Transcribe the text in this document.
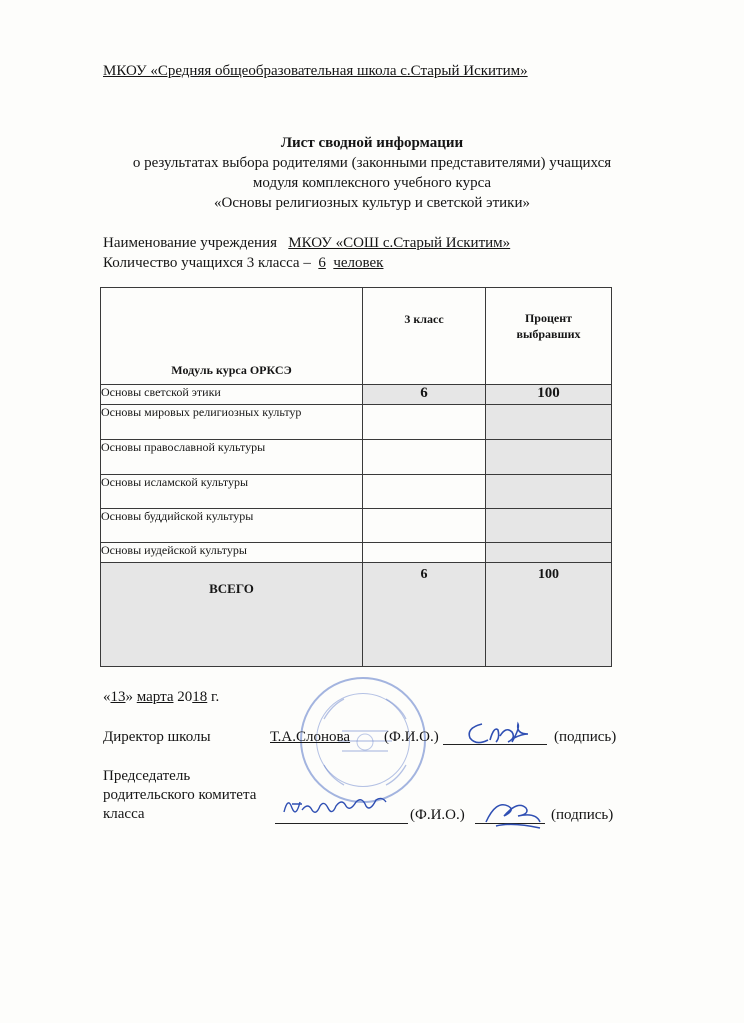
МКОУ «Средняя общеобразовательная школа с.Старый Искитим»
Лист сводной информации
о результатах выбора родителями (законными представителями) учащихся
модуля комплексного учебного курса
«Основы религиозных культур и светской этики»
Наименование учреждения МКОУ «СОШ с.Старый Искитим»
Количество учащихся 3 класса – 6 человек
Модуль курса ОРКСЭ	3 класс	Процент
выбравших

Основы светской этики	6	100
Основы мировых религиозных культур		
Основы православной культуры		
Основы исламской культуры		
Основы буддийской культуры		
Основы иудейской культуры		
ВСЕГО	6	100
«13» марта 2018 г.
Директор школы	Т.А.Слонова (Ф.И.О.)	(подпись)
Председатель
родительского комитета
класса	(Ф.И.О.)	(подпись)
